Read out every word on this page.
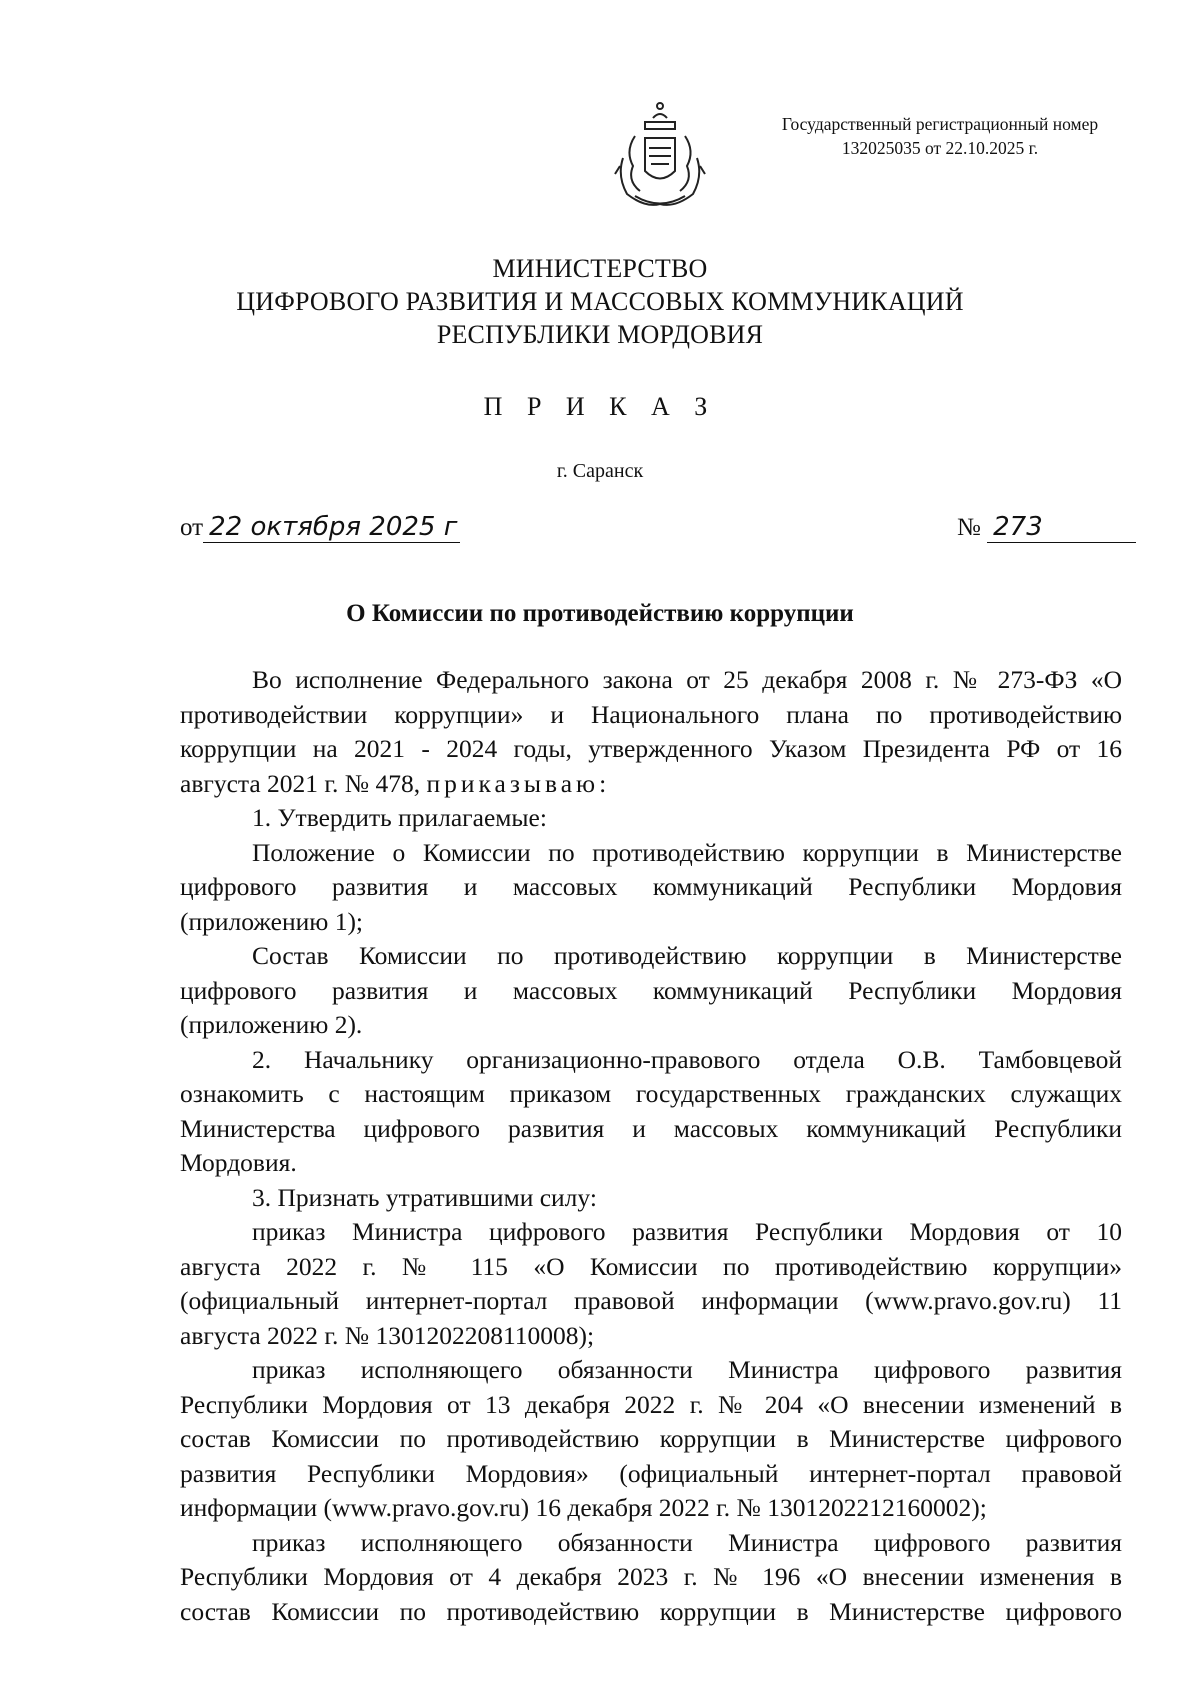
Государственный регистрационный номер
132025035 от 22.10.2025 г.
МИНИСТЕРСТВО
ЦИФРОВОГО РАЗВИТИЯ И МАССОВЫХ КОММУНИКАЦИЙ
РЕСПУБЛИКИ МОРДОВИЯ
П Р И К А З
г. Саранск
от 22 октября 2025 г	№ 273
О Комиссии по противодействию коррупции

Во исполнение Федерального закона от 25 декабря 2008 г. № 273-ФЗ «О

противодействии коррупции» и Национального плана по противодействию

коррупции на 2021 - 2024 годы, утвержденного Указом Президента РФ от 16

августа 2021 г. № 478, приказываю:

1. Утвердить прилагаемые:

Положение о Комиссии по противодействию коррупции в Министерстве

цифрового развития и массовых коммуникаций Республики Мордовия

(приложению 1);

Состав Комиссии по противодействию коррупции в Министерстве

цифрового развития и массовых коммуникаций Республики Мордовия

(приложению 2).

2. Начальнику организационно-правового отдела О.В. Тамбовцевой

ознакомить с настоящим приказом государственных гражданских служащих

Министерства цифрового развития и массовых коммуникаций Республики

Мордовия.

3. Признать утратившими силу:

приказ Министра цифрового развития Республики Мордовия от 10

августа 2022 г. № 115 «О Комиссии по противодействию коррупции»

(официальный интернет-портал правовой информации (www.pravo.gov.ru) 11

августа 2022 г. № 1301202208110008);

приказ исполняющего обязанности Министра цифрового развития

Республики Мордовия от 13 декабря 2022 г. № 204 «О внесении изменений в

состав Комиссии по противодействию коррупции в Министерстве цифрового

развития Республики Мордовия» (официальный интернет-портал правовой

информации (www.pravo.gov.ru) 16 декабря 2022 г. № 1301202212160002);

приказ исполняющего обязанности Министра цифрового развития

Республики Мордовия от 4 декабря 2023 г. № 196 «О внесении изменения в

состав Комиссии по противодействию коррупции в Министерстве цифрового
